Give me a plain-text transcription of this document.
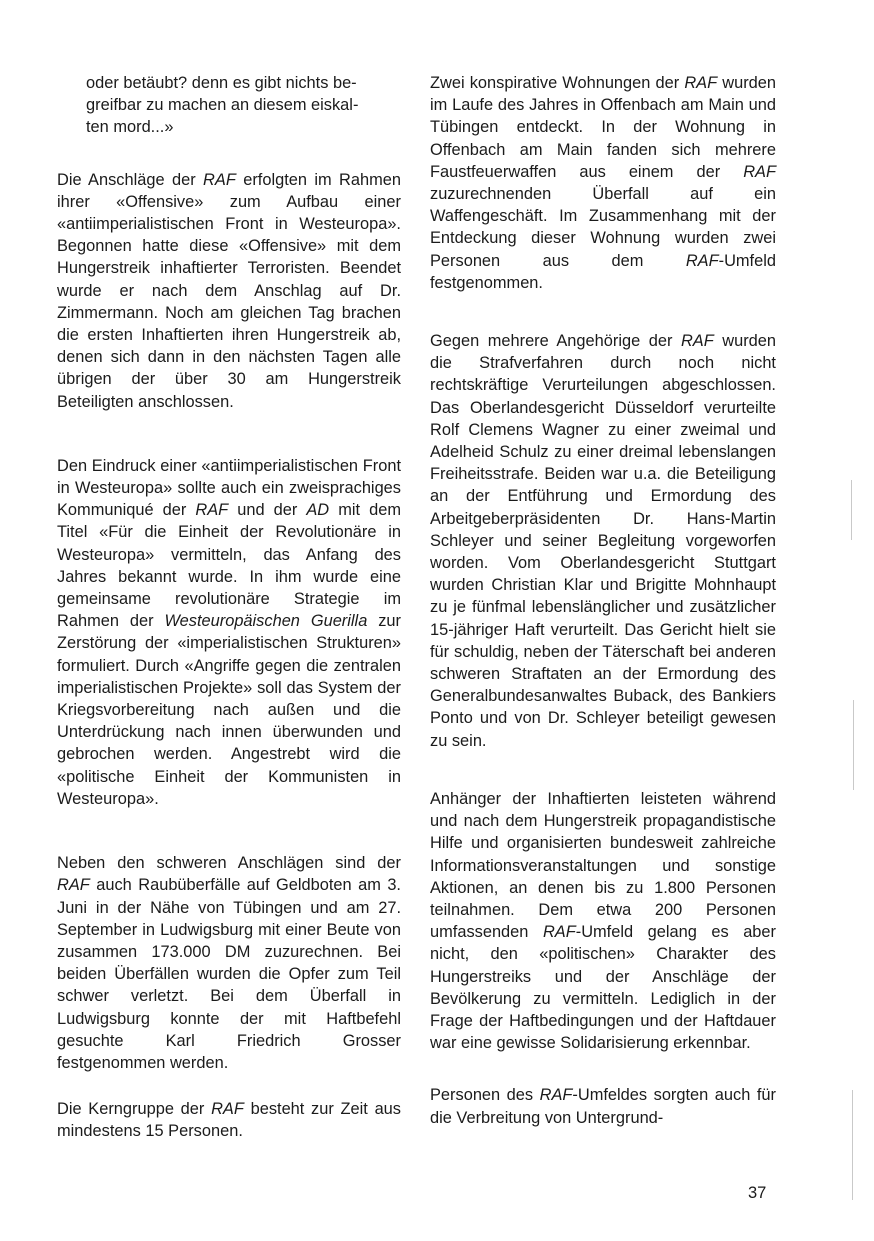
oder betäubt? denn es gibt nichts be-
greifbar zu machen an diesem eiskal-
ten mord...»

Die Anschläge der RAF erfolgten im Rahmen ihrer «Offensive» zum Aufbau einer «antiimperialistischen Front in Westeuropa». Begonnen hatte diese «Offensive» mit dem Hungerstreik inhaftierter Terroristen. Beendet wurde er nach dem Anschlag auf Dr. Zimmermann. Noch am gleichen Tag brachen die ersten Inhaftierten ihren Hungerstreik ab, denen sich dann in den nächsten Tagen alle übrigen der über 30 am Hungerstreik Beteiligten anschlossen.

Den Eindruck einer «antiimperialistischen Front in Westeuropa» sollte auch ein zweisprachiges Kommuniqué der RAF und der AD mit dem Titel «Für die Einheit der Revolutionäre in Westeuropa» vermitteln, das Anfang des Jahres bekannt wurde. In ihm wurde eine gemeinsame revolutionäre Strategie im Rahmen der Westeuropäischen Guerilla zur Zerstörung der «imperialistischen Strukturen» formuliert. Durch «Angriffe gegen die zentralen imperialistischen Projekte» soll das System der Kriegsvorbereitung nach außen und die Unterdrückung nach innen überwunden und gebrochen werden. Angestrebt wird die «politische Einheit der Kommunisten in Westeuropa».

Neben den schweren Anschlägen sind der RAF auch Raubüberfälle auf Geldboten am 3. Juni in der Nähe von Tübingen und am 27. September in Ludwigsburg mit einer Beute von zusammen 173.000 DM zuzurechnen. Bei beiden Überfällen wurden die Opfer zum Teil schwer verletzt. Bei dem Überfall in Ludwigsburg konnte der mit Haftbefehl gesuchte Karl Friedrich Grosser festgenommen werden.

Die Kerngruppe der RAF besteht zur Zeit aus mindestens 15 Personen.

Zwei konspirative Wohnungen der RAF wurden im Laufe des Jahres in Offenbach am Main und Tübingen entdeckt. In der Wohnung in Offenbach am Main fanden sich mehrere Faustfeuerwaffen aus einem der RAF zuzurechnenden Überfall auf ein Waffengeschäft. Im Zusammenhang mit der Entdeckung dieser Wohnung wurden zwei Personen aus dem RAF-Umfeld festgenommen.

Gegen mehrere Angehörige der RAF wurden die Strafverfahren durch noch nicht rechtskräftige Verurteilungen abgeschlossen. Das Oberlandesgericht Düsseldorf verurteilte Rolf Clemens Wagner zu einer zweimal und Adelheid Schulz zu einer dreimal lebenslangen Freiheitsstrafe. Beiden war u.a. die Beteiligung an der Entführung und Ermordung des Arbeitgeberpräsidenten Dr. Hans-Martin Schleyer und seiner Begleitung vorgeworfen worden. Vom Oberlandesgericht Stuttgart wurden Christian Klar und Brigitte Mohnhaupt zu je fünfmal lebenslänglicher und zusätzlicher 15-jähriger Haft verurteilt. Das Gericht hielt sie für schuldig, neben der Täterschaft bei anderen schweren Straftaten an der Ermordung des Generalbundesanwaltes Buback, des Bankiers Ponto und von Dr. Schleyer beteiligt gewesen zu sein.

Anhänger der Inhaftierten leisteten während und nach dem Hungerstreik propagandistische Hilfe und organisierten bundesweit zahlreiche Informationsveranstaltungen und sonstige Aktionen, an denen bis zu 1.800 Personen teilnahmen. Dem etwa 200 Personen umfassenden RAF-Umfeld gelang es aber nicht, den «politischen» Charakter des Hungerstreiks und der Anschläge der Bevölkerung zu vermitteln. Lediglich in der Frage der Haftbedingungen und der Haftdauer war eine gewisse Solidarisierung erkennbar.

Personen des RAF-Umfeldes sorgten auch für die Verbreitung von Untergrund-

37
